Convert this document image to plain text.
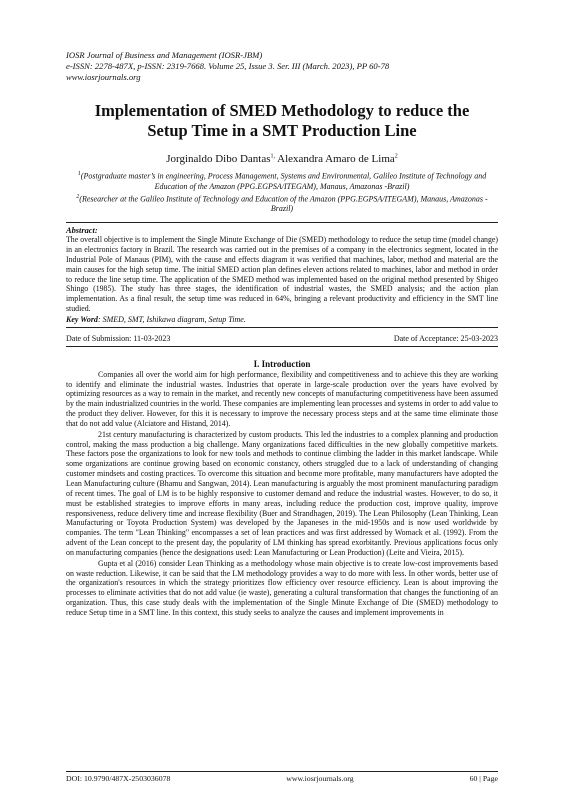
IOSR Journal of Business and Management (IOSR-JBM)
e-ISSN: 2278-487X, p-ISSN: 2319-7668. Volume 25, Issue 3. Ser. III (March. 2023), PP 60-78
www.iosrjournals.org
Implementation of SMED Methodology to reduce the
Setup Time in a SMT Production Line
Jorginaldo Dibo Dantas$^{1,}$ Alexandra Amaro de Lima$^2$
$^1$(Postgraduate master’s in engineering, Process Management, Systems and Environmental, Galileo Institute of Technology and Education of the Amazon (PPG.EGPSA/ITEGAM), Manaus, Amazonas -Brazil)
$^2$(Researcher at the Galileo Institute of Technology and Education of the Amazon (PPG.EGPSA/ITEGAM), Manaus, Amazonas -Brazil)
Abstract:
The overall objective is to implement the Single Minute Exchange of Die (SMED) methodology to reduce the setup time (model change) in an electronics factory in Brazil. The research was carried out in the premises of a company in the electronics segment, located in the Industrial Pole of Manaus (PIM), with the cause and effects diagram it was verified that machines, labor, method and material are the main causes for the high setup time. The initial SMED action plan defines eleven actions related to machines, labor and method in order to reduce the line setup time. The application of the SMED method was implemented based on the original method presented by Shigeo Shingo (1985). The study has three stages, the identification of industrial wastes, the SMED analysis; and the action plan implementation. As a final result, the setup time was reduced in 64%, bringing a relevant productivity and efficiency in the SMT line studied.
Key Word: SMED, SMT, Ishikawa diagram, Setup Time.
Date of Submission: 11-03-2023	Date of Acceptance: 25-03-2023
I. Introduction

Companies all over the world aim for high performance, flexibility and competitiveness and to achieve this they are working to identify and eliminate the industrial wastes. Industries that operate in large-scale production over the years have evolved by optimizing resources as a way to remain in the market, and recently new concepts of manufacturing competitiveness have been assumed by the main industrialized countries in the world. These companies are implementing lean processes and systems in order to add value to the product they deliver. However, for this it is necessary to improve the necessary process steps and at the same time eliminate those that do not add value (Alciatore and Histand, 2014).

21st century manufacturing is characterized by custom products. This led the industries to a complex planning and production control, making the mass production a big challenge. Many organizations faced difficulties in the new globally competitive markets. These factors pose the organizations to look for new tools and methods to continue climbing the ladder in this market landscape. While some organizations are continue growing based on economic constancy, others struggled due to a lack of understanding of changing customer mindsets and costing practices. To overcome this situation and become more profitable, many manufacturers have adopted the Lean Manufacturing culture (Bhamu and Sangwan, 2014). Lean manufacturing is arguably the most prominent manufacturing paradigm of recent times. The goal of LM is to be highly responsive to customer demand and reduce the industrial wastes. However, to do so, it must be established strategies to improve efforts in many areas, including reduce the production cost, improve quality, improve responsiveness, reduce delivery time and increase flexibility (Buer and Strandhagen, 2019). The Lean Philosophy (Lean Thinking, Lean Manufacturing or Toyota Production System) was developed by the Japaneses in the mid-1950s and is now used worldwide by companies. The term "Lean Thinking" encompasses a set of lean practices and was first addressed by Womack et al. (1992). From the advent of the Lean concept to the present day, the popularity of LM thinking has spread exorbitantly. Previous applications focus only on manufacturing companies (hence the designations used: Lean Manufacturing or Lean Production) (Leite and Vieira, 2015).

Gupta et al (2016) consider Lean Thinking as a methodology whose main objective is to create low-cost improvements based on waste reduction. Likewise, it can be said that the LM methodology provides a way to do more with less. In other words, better use of the organization's resources in which the strategy prioritizes flow efficiency over resource efficiency. Lean is about improving the processes to eliminate activities that do not add value (ie waste), generating a cultural transformation that changes the functioning of an organization. Thus, this case study deals with the implementation of the Single Minute Exchange of Die (SMED) methodology to reduce Setup time in a SMT line. In this context, this study seeks to analyze the causes and implement improvements in

DOI: 10.9790/487X-2503036078	www.iosrjournals.org	60 | Page
